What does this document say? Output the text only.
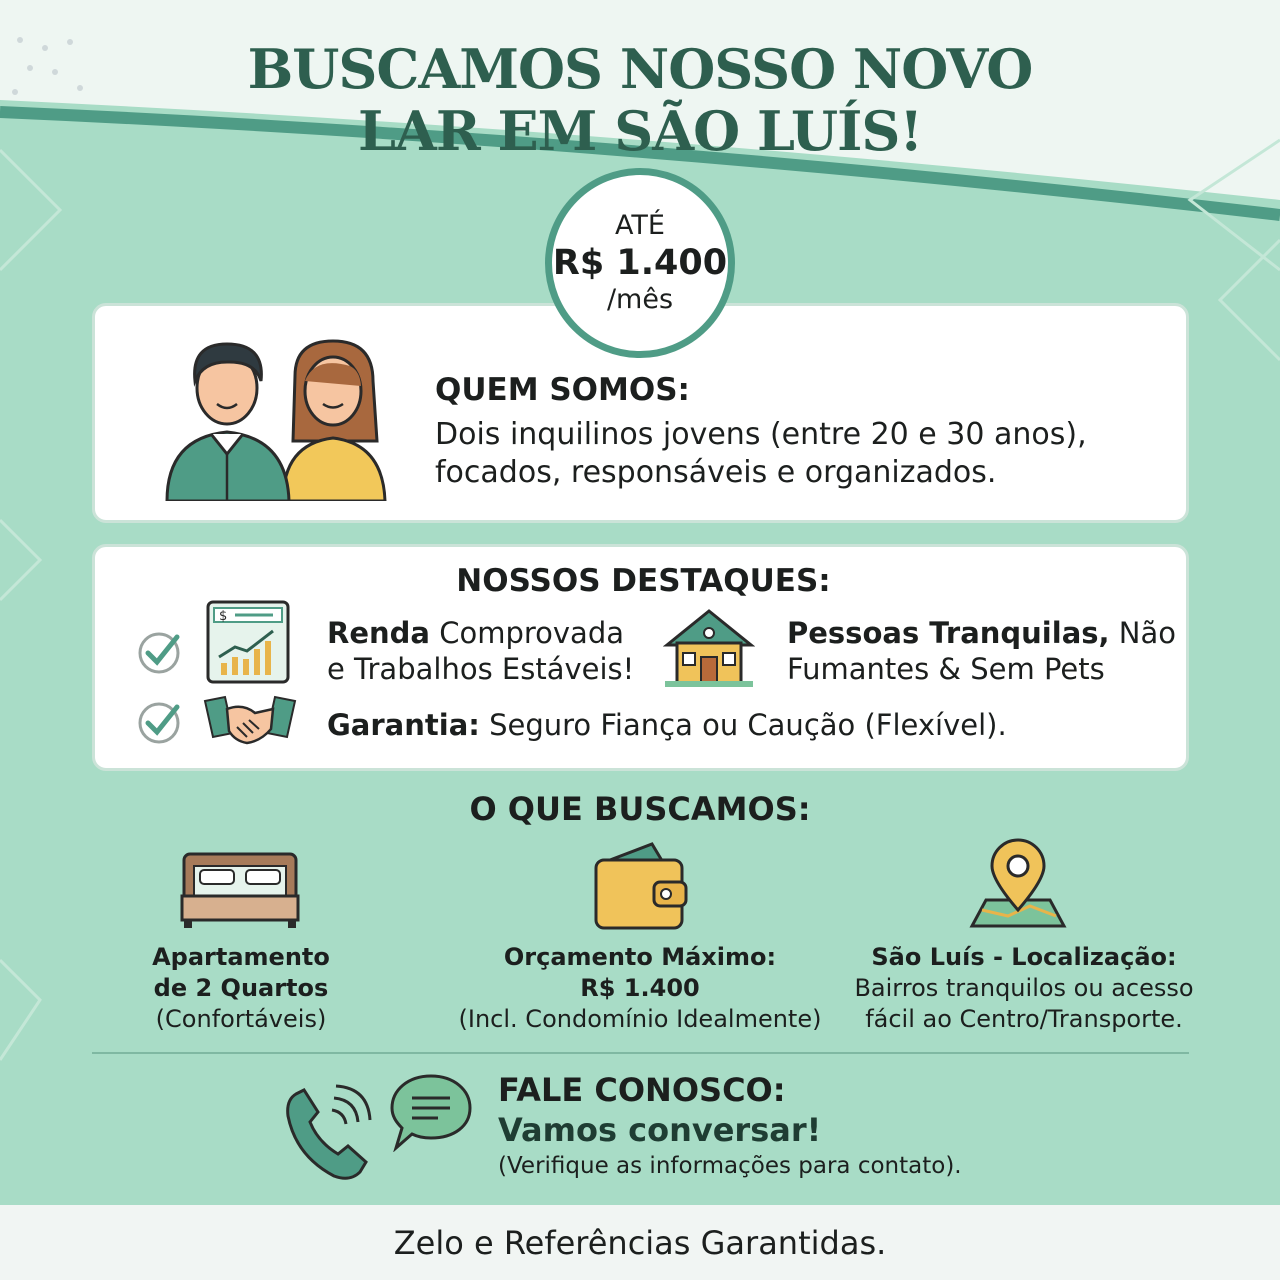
BUSCAMOS NOSSO NOVO
LAR EM SÃO LUÍS!
QUEM SOMOS:
Dois inquilinos jovens (entre 20 e 30 anos),
focados, responsáveis e organizados.
ATÉ
R$ 1.400
/mês
NOSSOS DESTAQUES:
$	Renda Comprovada
e Trabalhos Estáveis!
Pessoas Tranquilas, Não
Fumantes & Sem Pets
Garantia: Seguro Fiança ou Caução (Flexível).
O QUE BUSCAMOS:
Apartamento
de 2 Quartos
(Confortáveis)
Orçamento Máximo:
R$ 1.400
(Incl. Condomínio Idealmente)
São Luís - Localização:
Bairros tranquilos ou acesso
fácil ao Centro/Transporte.
FALE CONOSCO:
Vamos conversar!
(Verifique as informações para contato).
Zelo e Referências Garantidas.
